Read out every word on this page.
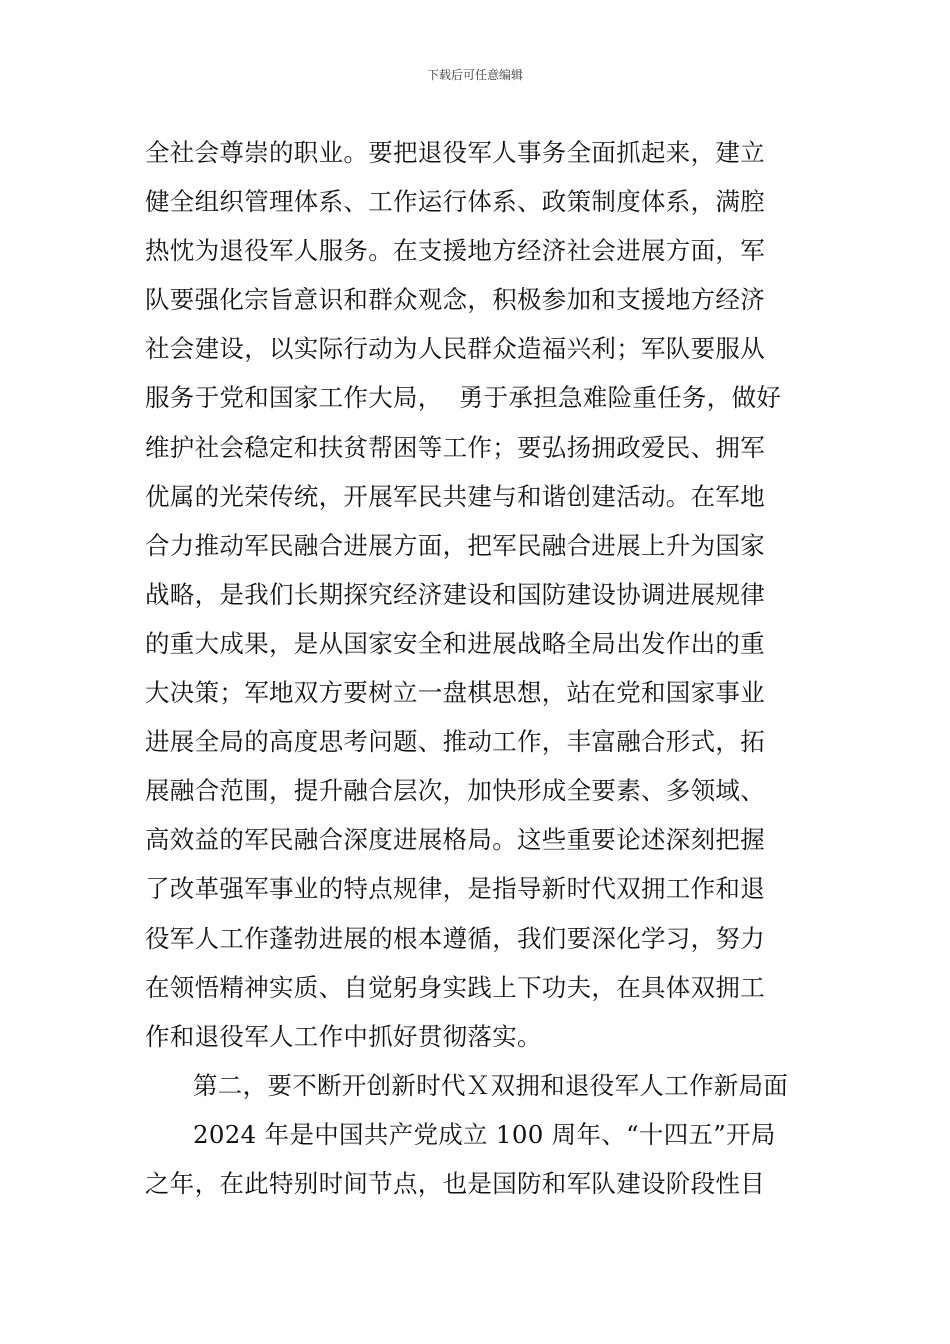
下载后可任意编辑
全社会尊崇的职业。要把退役军人事务全面抓起来，建立
健全组织管理体系、工作运行体系、政策制度体系，满腔
热忱为退役军人服务。在支援地方经济社会进展方面，军
队要强化宗旨意识和群众观念，积极参加和支援地方经济
社会建设，以实际行动为人民群众造福兴利；军队要服从
服务于党和国家工作大局，  勇于承担急难险重任务，做好
维护社会稳定和扶贫帮困等工作；要弘扬拥政爱民、拥军
优属的光荣传统，开展军民共建与和谐创建活动。在军地
合力推动军民融合进展方面，把军民融合进展上升为国家
战略，是我们长期探究经济建设和国防建设协调进展规律
的重大成果，是从国家安全和进展战略全局出发作出的重
大决策；军地双方要树立一盘棋思想，站在党和国家事业
进展全局的高度思考问题、推动工作，丰富融合形式，拓
展融合范围，提升融合层次，加快形成全要素、多领域、
高效益的军民融合深度进展格局。这些重要论述深刻把握
了改革强军事业的特点规律，是指导新时代双拥工作和退
役军人工作蓬勃进展的根本遵循，我们要深化学习，努力
在领悟精神实质、自觉躬身实践上下功夫，在具体双拥工
作和退役军人工作中抓好贯彻落实。
第二，要不断开创新时代Ｘ双拥和退役军人工作新局面
2024 年是中国共产党成立 100 周年、“十四五”开局
之年，在此特别时间节点，也是国防和军队建设阶段性目
